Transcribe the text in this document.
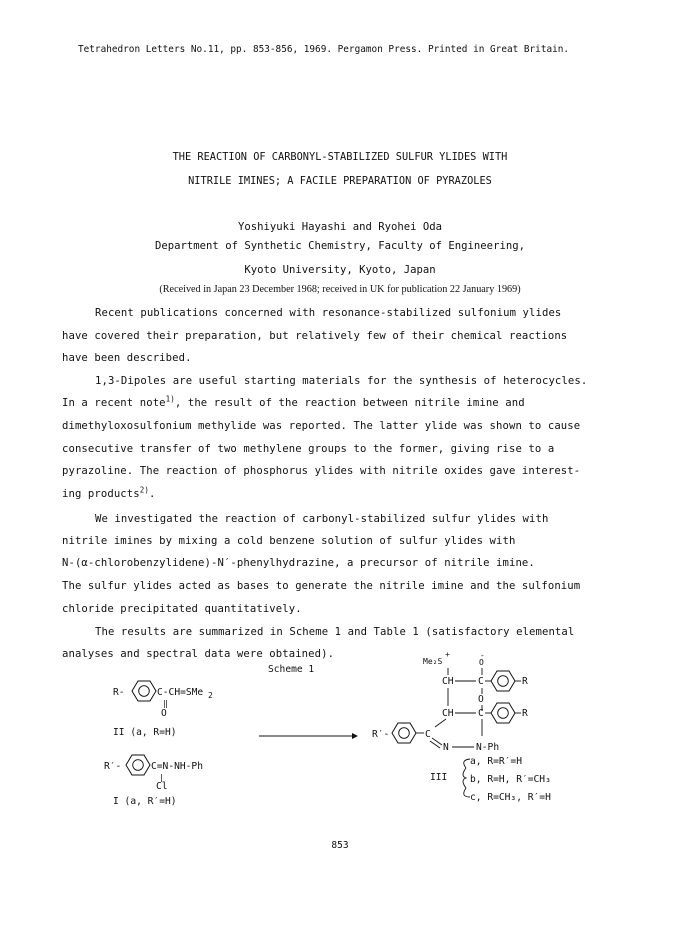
Tetrahedron Letters No.11, pp. 853-856, 1969. Pergamon Press. Printed in Great Britain.
THE REACTION OF CARBONYL-STABILIZED SULFUR YLIDES WITH
NITRILE IMINES; A FACILE PREPARATION OF PYRAZOLES
Yoshiyuki Hayashi and Ryohei Oda
Department of Synthetic Chemistry, Faculty of Engineering,
Kyoto University, Kyoto, Japan
(Received in Japan 23 December 1968; received in UK for publication 22 January 1969)
Recent publications concerned with resonance-stabilized sulfonium ylides
have covered their preparation, but relatively few of their chemical reactions
have been described.
1,3-Dipoles are useful starting materials for the synthesis of heterocycles.
In a recent note$^{1)}$, the result of the reaction between nitrile imine and
dimethyloxosulfonium methylide was reported. The latter ylide was shown to cause
consecutive transfer of two methylene groups to the former, giving rise to a
pyrazoline. The reaction of phosphorus ylides with nitrile oxides gave interest-
ing products$^{2)}$.
We investigated the reaction of carbonyl-stabilized sulfur ylides with
nitrile imines by mixing a cold benzene solution of sulfur ylides with
N-(α-chlorobenzylidene)-N′-phenylhydrazine, a precursor of nitrile imine.
The sulfur ylides acted as bases to generate the nitrile imine and the sulfonium
chloride precipitated quantitatively.
The results are summarized in Scheme 1 and Table 1 (satisfactory elemental
analyses and spectral data were obtained).
Scheme 1
R-	C-CH=SMe 2
‖
O
II (a, R=H)
R′-	C=N-NH-Ph
|
Cl
I (a, R′=H)
Me₂S
+	-
O
CH	C	R
O
CH	C	R
R′-	C
N	N-Ph
III
a, R=R′=H
b, R=H, R′=CH₃
c, R=CH₃, R′=H
853
